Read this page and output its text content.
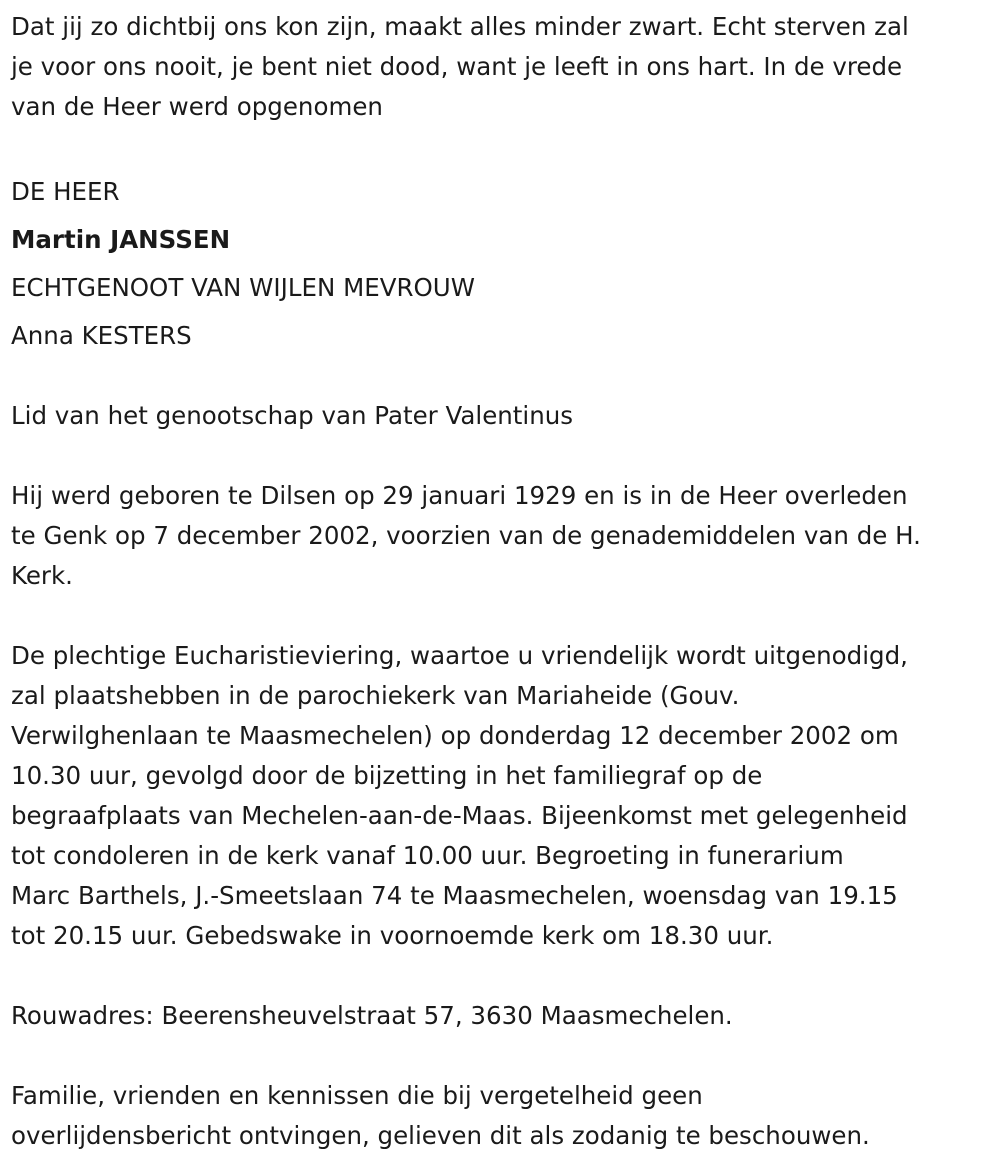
Dat jij zo dichtbij ons kon zijn, maakt alles minder zwart. Echt sterven zal
je voor ons nooit, je bent niet dood, want je leeft in ons hart. In de vrede
van de Heer werd opgenomen

DE HEER
Martin JANSSEN
ECHTGENOOT VAN WIJLEN MEVROUW
Anna KESTERS

Lid van het genootschap van Pater Valentinus

Hij werd geboren te Dilsen op 29 januari 1929 en is in de Heer overleden
te Genk op 7 december 2002, voorzien van de genademiddelen van de H.
Kerk.

De plechtige Eucharistieviering, waartoe u vriendelijk wordt uitgenodigd,
zal plaatshebben in de parochiekerk van Mariaheide (Gouv.
Verwilghenlaan te Maasmechelen) op donderdag 12 december 2002 om
10.30 uur, gevolgd door de bijzetting in het familiegraf op de
begraafplaats van Mechelen-aan-de-Maas. Bijeenkomst met gelegenheid
tot condoleren in de kerk vanaf 10.00 uur. Begroeting in funerarium
Marc Barthels, J.-Smeetslaan 74 te Maasmechelen, woensdag van 19.15
tot 20.15 uur. Gebedswake in voornoemde kerk om 18.30 uur.

Rouwadres: Beerensheuvelstraat 57, 3630 Maasmechelen.

Familie, vrienden en kennissen die bij vergetelheid geen
overlijdensbericht ontvingen, gelieven dit als zodanig te beschouwen.
